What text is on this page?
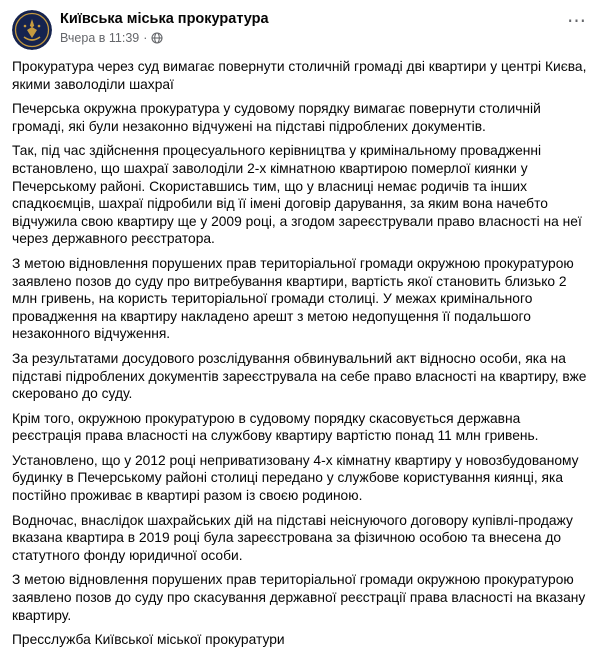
Київська міська прокуратура
Вчера в 11:39 ·
⋯

Прокуратура через суд вимагає повернути столичній громаді дві квартири у центрі Києва, якими заволоділи шахраї

Печерська окружна прокуратура у судовому порядку вимагає повернути столичній громаді, які були незаконно відчужені на підставі підроблених документів.

Так, під час здійснення процесуального керівництва у кримінальному провадженні встановлено, що шахраї заволоділи 2-х кімнатною квартирою померлої киянки у Печерському районі. Скориставшись тим, що у власниці немає родичів та інших спадкоємців, шахраї підробили від її імені договір дарування, за яким вона начебто відчужила свою квартиру ще у 2009 році, а згодом зареєстрували право власності на неї через державного реєстратора.

З метою відновлення порушених прав територіальної громади окружною прокуратурою заявлено позов до суду про витребування квартири, вартість якої становить близько 2 млн гривень, на користь територіальної громади столиці. У межах кримінального провадження на квартиру накладено арешт з метою недопущення її подальшого незаконного відчуження.

За результатами досудового розслідування обвинувальний акт відносно особи, яка на підставі підроблених документів зареєструвала на себе право власності на квартиру, вже скеровано до суду.

Крім того, окружною прокуратурою в судовому порядку скасовується державна реєстрація права власності на службову квартиру вартістю понад 11 млн гривень.

Установлено, що у 2012 році неприватизовану 4-х кімнатну квартиру у новозбудованому будинку в Печерському районі столиці передано у службове користування киянці, яка постійно проживає в квартирі разом із своєю родиною.

Водночас, внаслідок шахрайських дій на підставі неіснуючого договору купівлі-продажу вказана квартира в 2019 році була зареєстрована за фізичною особою та внесена до статутного фонду юридичної особи.

З метою відновлення порушених прав територіальної громади окружною прокуратурою заявлено позов до суду про скасування державної реєстрації права власності на вказану квартиру.

Пресслужба Київської міської прокуратури
